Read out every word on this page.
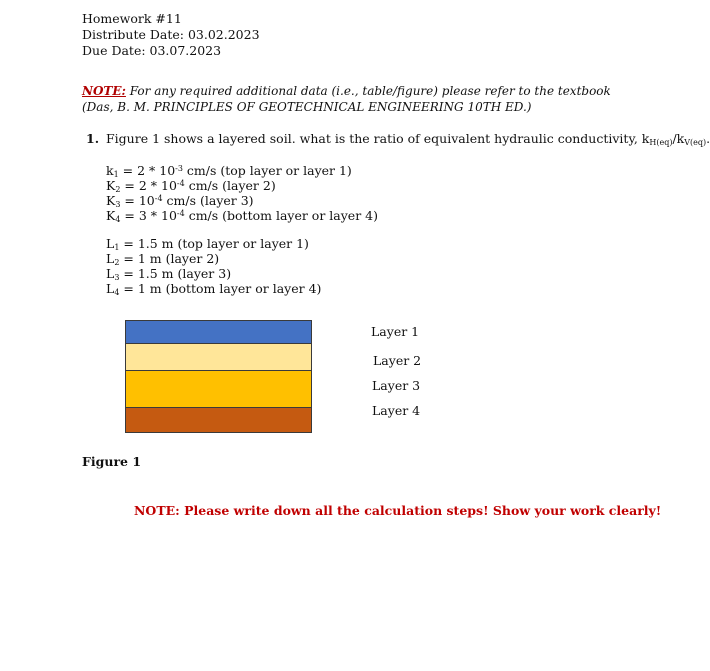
Homework #11
Distribute Date: 03.02.2023
Due Date: 03.07.2023
NOTE: For any required additional data (i.e., table/figure) please refer to the textbook (Das, B. M. PRINCIPLES OF GEOTECHNICAL ENGINEERING 10TH ED.)
1. Figure 1 shows a layered soil. what is the ratio of equivalent hydraulic conductivity, $k_{H(eq)}/k_{V(eq)}$.
$k_1 = 2 * 10^{-3}$ cm/s (top layer or layer 1)
$K_2 = 2 * 10^{-4}$ cm/s (layer 2)
$K_3 = 10^{-4}$ cm/s (layer 3)
$K_4 = 3 * 10^{-4}$ cm/s (bottom layer or layer 4)
$L_1 = 1.5$ m (top layer or layer 1)
$L_2 = 1$ m (layer 2)
$L_3 = 1.5$ m (layer 3)
$L_4 = 1$ m (bottom layer or layer 4)
Layer 1
Layer 2
Layer 3
Layer 4
Figure 1
NOTE: Please write down all the calculation steps! Show your work clearly!
